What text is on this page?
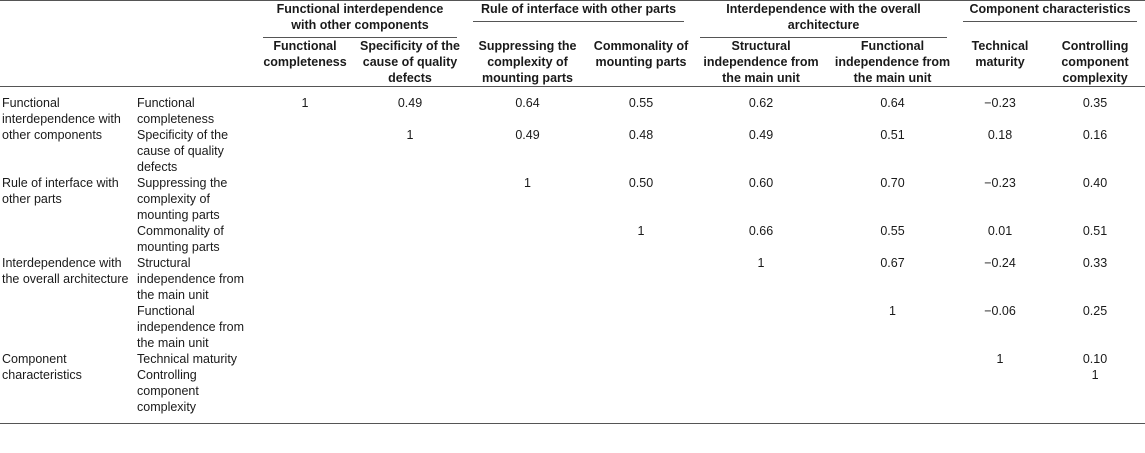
		Functional interdependence with other components		Rule of interface with other parts		Interdependence with the overall architecture		Component characteristics	

		Functional completeness	Specificity of the cause of quality defects	Suppressing the complexity of mounting parts	Commonality of mounting parts	Structural independence from the main unit	Functional independence from the main unit	Technical maturity	Controlling component complexity
Functional interdependence with other components	Functional completeness	1	0.49	0.64	0.55	0.62	0.64	−0.23	0.35
	Specificity of the cause of quality defects		1	0.49	0.48	0.49	0.51	0.18	0.16
Rule of interface with other parts	Suppressing the complexity of mounting parts			1	0.50	0.60	0.70	−0.23	0.40
	Commonality of mounting parts				1	0.66	0.55	0.01	0.51
Interdependence with the overall architecture	Structural independence from the main unit					1	0.67	−0.24	0.33
	Functional independence from the main unit						1	−0.06	0.25
Component characteristics	Technical maturity							1	0.10
	Controlling component complexity								1
